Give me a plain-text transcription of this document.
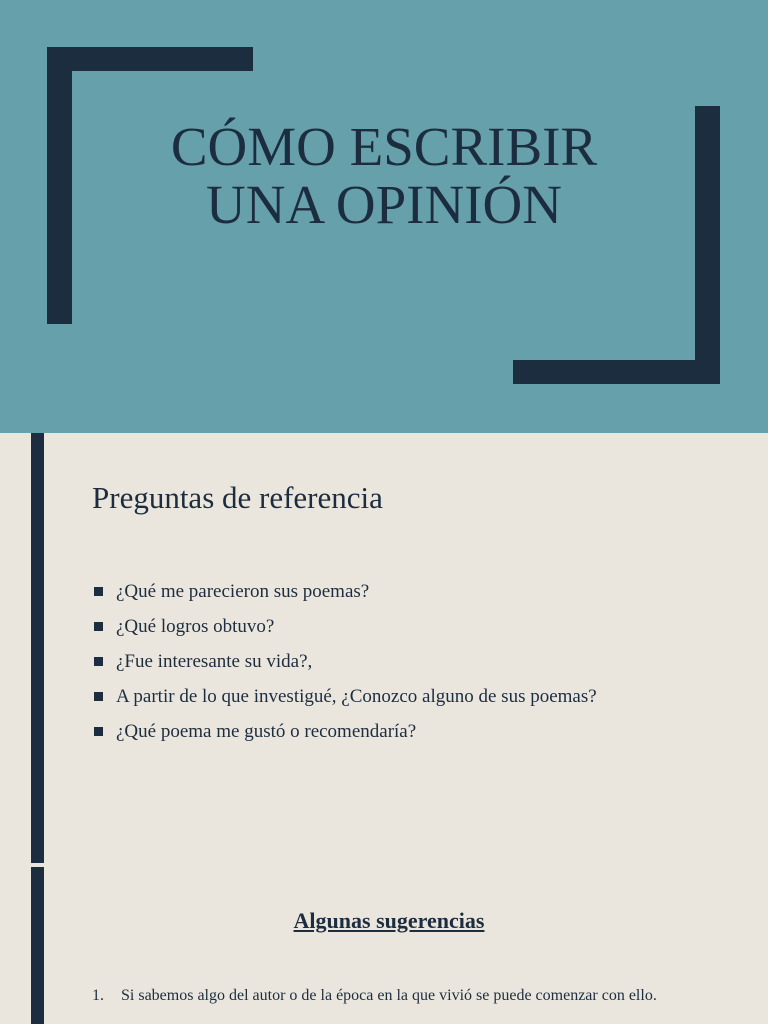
CÓMO ESCRIBIR
UNA OPINIÓN
Preguntas de referencia
¿Qué me parecieron sus poemas?
¿Qué logros obtuvo?
¿Fue interesante su vida?,
A partir de lo que investigué, ¿Conozco alguno de sus poemas?
¿Qué poema me gustó o recomendaría?
Algunas sugerencias
1. Si sabemos algo del autor o de la época en la que vivió se puede comenzar con ello.
